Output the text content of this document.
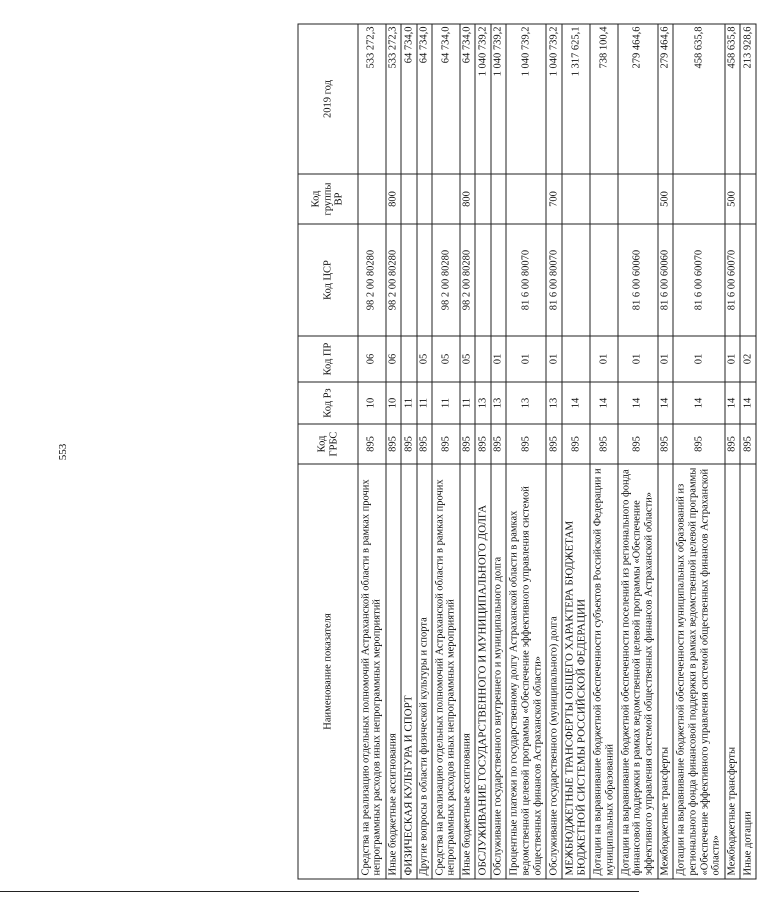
553
Наименование показателя	Код ГРБС	Код Рз	Код ПР	Код ЦСР	Код группы ВР	2019 год
Средства на реализацию отдельных полномочий Астраханской области в рамках прочих непрограммных расходов иных непрограммных мероприятий	895	10	06	98 2 00 80280		533 272,3
Иные бюджетные ассигнования	895	10	06	98 2 00 80280	800	533 272,3
ФИЗИЧЕСКАЯ КУЛЬТУРА И СПОРТ	895	11				64 734,0
Другие вопросы в области физической культуры и спорта	895	11	05			64 734,0
Средства на реализацию отдельных полномочий Астраханской области в рамках прочих непрограммных расходов иных непрограммных мероприятий	895	11	05	98 2 00 80280		64 734,0
Иные бюджетные ассигнования	895	11	05	98 2 00 80280	800	64 734,0
ОБСЛУЖИВАНИЕ ГОСУДАРСТВЕННОГО И МУНИЦИПАЛЬНОГО ДОЛГА	895	13				1 040 739,2
Обслуживание государственного внутреннего и муниципального долга	895	13	01			1 040 739,2
Процентные платежи по государственному долгу Астраханской области в рамках ведомственной целевой программы «Обеспечение эффективного управления системой общественных финансов Астраханской области»	895	13	01	81 6 00 80070		1 040 739,2
Обслуживание государственного (муниципального) долга	895	13	01	81 6 00 80070	700	1 040 739,2
МЕЖБЮДЖЕТНЫЕ ТРАНСФЕРТЫ ОБЩЕГО ХАРАКТЕРА БЮДЖЕТАМ БЮДЖЕТНОЙ СИСТЕМЫ РОССИЙСКОЙ ФЕДЕРАЦИИ	895	14				1 317 625,1
Дотации на выравнивание бюджетной обеспеченности субъектов Российской Федерации и муниципальных образований	895	14	01			738 100,4
Дотации на выравнивание бюджетной обеспеченности поселений из регионального фонда финансовой поддержки в рамках ведомственной целевой программы «Обеспечение эффективного управления системой общественных финансов Астраханской области»	895	14	01	81 6 00 60060		279 464,6
Межбюджетные трансферты	895	14	01	81 6 00 60060	500	279 464,6
Дотации на выравнивание бюджетной обеспеченности муниципальных образований из регионального фонда финансовой поддержки в рамках ведомственной целевой программы «Обеспечение эффективного управления системой общественных финансов Астраханской области»	895	14	01	81 6 00 60070		458 635,8
Межбюджетные трансферты	895	14	01	81 6 00 60070	500	458 635,8
Иные дотации	895	14	02			213 928,6
